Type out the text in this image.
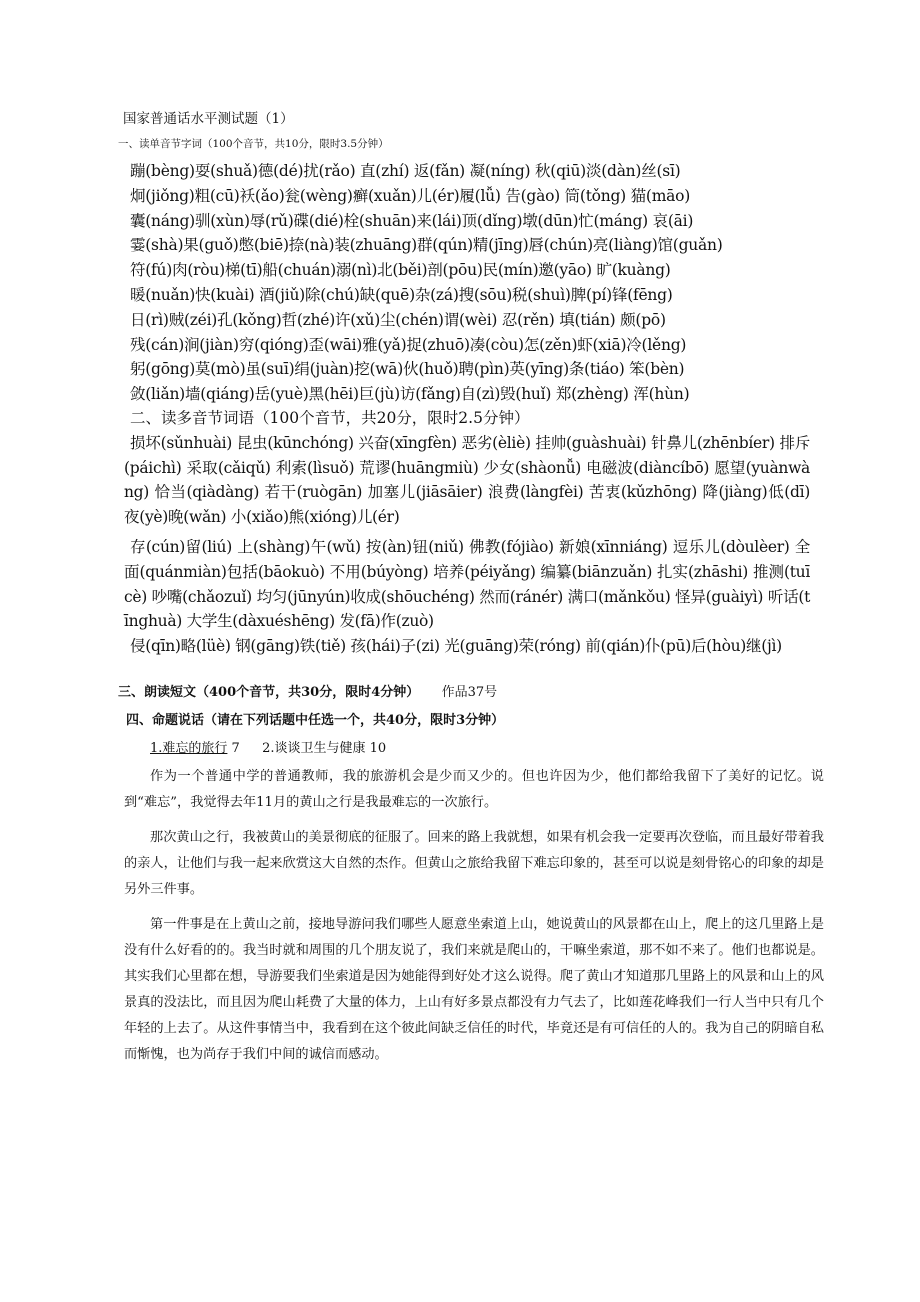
国家普通话水平测试题（1）
一、读单音节字词（100个音节，共10分，限时3.5分钟）
蹦(bèng)耍(shuǎ)德(dé)扰(rǎo) 直(zhí) 返(fǎn) 凝(níng) 秋(qiū)淡(dàn)丝(sī)
炯(jiǒng)粗(cū)袄(ǎo)瓮(wèng)癣(xuǎn)儿(ér)履(lǚ) 告(gào) 筒(tǒng) 猫(māo)
囊(náng)驯(xùn)辱(rǔ)碟(dié)栓(shuān)来(lái)顶(dǐng)墩(dūn)忙(máng) 哀(āi)
霎(shà)果(guǒ)憋(biē)捺(nà)装(zhuāng)群(qún)精(jīng)唇(chún)亮(liàng)馆(guǎn)
符(fú)肉(ròu)梯(tī)船(chuán)溺(nì)北(běi)剖(pōu)民(mín)邀(yāo) 旷(kuàng)
暖(nuǎn)快(kuài) 酒(jiǔ)除(chú)缺(quē)杂(zá)搜(sōu)税(shuì)脾(pí)锋(fēng)
日(rì)贼(zéi)孔(kǒng)哲(zhé)许(xǔ)尘(chén)谓(wèi) 忍(rěn) 填(tián) 颇(pō)
残(cán)涧(jiàn)穷(qióng)歪(wāi)雅(yǎ)捉(zhuō)凑(còu)怎(zěn)虾(xiā)冷(lěng)
躬(gōng)莫(mò)虽(suī)绢(juàn)挖(wā)伙(huǒ)聘(pìn)英(yīng)条(tiáo) 笨(bèn)
敛(liǎn)墙(qiáng)岳(yuè)黑(hēi)巨(jù)访(fǎng)自(zì)毁(huǐ) 郑(zhèng) 浑(hùn)
二、读多音节词语（100个音节，共20分，限时2.5分钟）
损坏(sǔnhuài) 昆虫(kūnchóng) 兴奋(xīngfèn) 恶劣(èliè) 挂帅(guàshuài) 针鼻儿(zhēnbíer) 排斥(páichì) 采取(cǎiqǔ) 利索(lìsuǒ) 荒谬(huāngmiù) 少女(shàonǚ) 电磁波(diàncíbō) 愿望(yuànwàng) 恰当(qiàdàng) 若干(ruògān) 加塞儿(jiāsāier) 浪费(làngfèi) 苦衷(kǔzhōng) 降(jiàng)低(dī) 夜(yè)晚(wǎn) 小(xiǎo)熊(xióng)儿(ér)
存(cún)留(liú) 上(shàng)午(wǔ) 按(àn)钮(niǔ) 佛教(fójiào) 新娘(xīnniáng) 逗乐儿(dòulèer) 全面(quánmiàn)包括(bāokuò) 不用(búyòng) 培养(péiyǎng) 编纂(biānzuǎn) 扎实(zhāshi) 推测(tuīcè) 吵嘴(chǎozuǐ) 均匀(jūnyún)收成(shōuchéng) 然而(ránér) 满口(mǎnkǒu) 怪异(guàiyì) 听话(tīnghuà) 大学生(dàxuéshēng) 发(fā)作(zuò)
侵(qīn)略(lüè) 钢(gāng)铁(tiě) 孩(hái)子(zi) 光(guāng)荣(róng) 前(qián)仆(pū)后(hòu)继(jì)
三、朗读短文（400个音节，共30分，限时4分钟） 作品37号
四、命题说话（请在下列话题中任选一个，共40分，限时3分钟）
1.难忘的旅行 7 2.谈谈卫生与健康 10

作为一个普通中学的普通教师，我的旅游机会是少而又少的。但也许因为少，他们都给我留下了美好的记忆。说到“难忘”，我觉得去年11月的黄山之行是我最难忘的一次旅行。

那次黄山之行，我被黄山的美景彻底的征服了。回来的路上我就想，如果有机会我一定要再次登临，而且最好带着我的亲人，让他们与我一起来欣赏这大自然的杰作。但黄山之旅给我留下难忘印象的，甚至可以说是刻骨铭心的印象的却是另外三件事。

第一件事是在上黄山之前，接地导游问我们哪些人愿意坐索道上山，她说黄山的风景都在山上，爬上的这几里路上是没有什么好看的的。我当时就和周围的几个朋友说了，我们来就是爬山的，干嘛坐索道，那不如不来了。他们也都说是。其实我们心里都在想，导游要我们坐索道是因为她能得到好处才这么说得。爬了黄山才知道那几里路上的风景和山上的风景真的没法比，而且因为爬山耗费了大量的体力，上山有好多景点都没有力气去了，比如莲花峰我们一行人当中只有几个年轻的上去了。从这件事情当中，我看到在这个彼此间缺乏信任的时代，毕竟还是有可信任的人的。我为自己的阴暗自私而惭愧，也为尚存于我们中间的诚信而感动。
